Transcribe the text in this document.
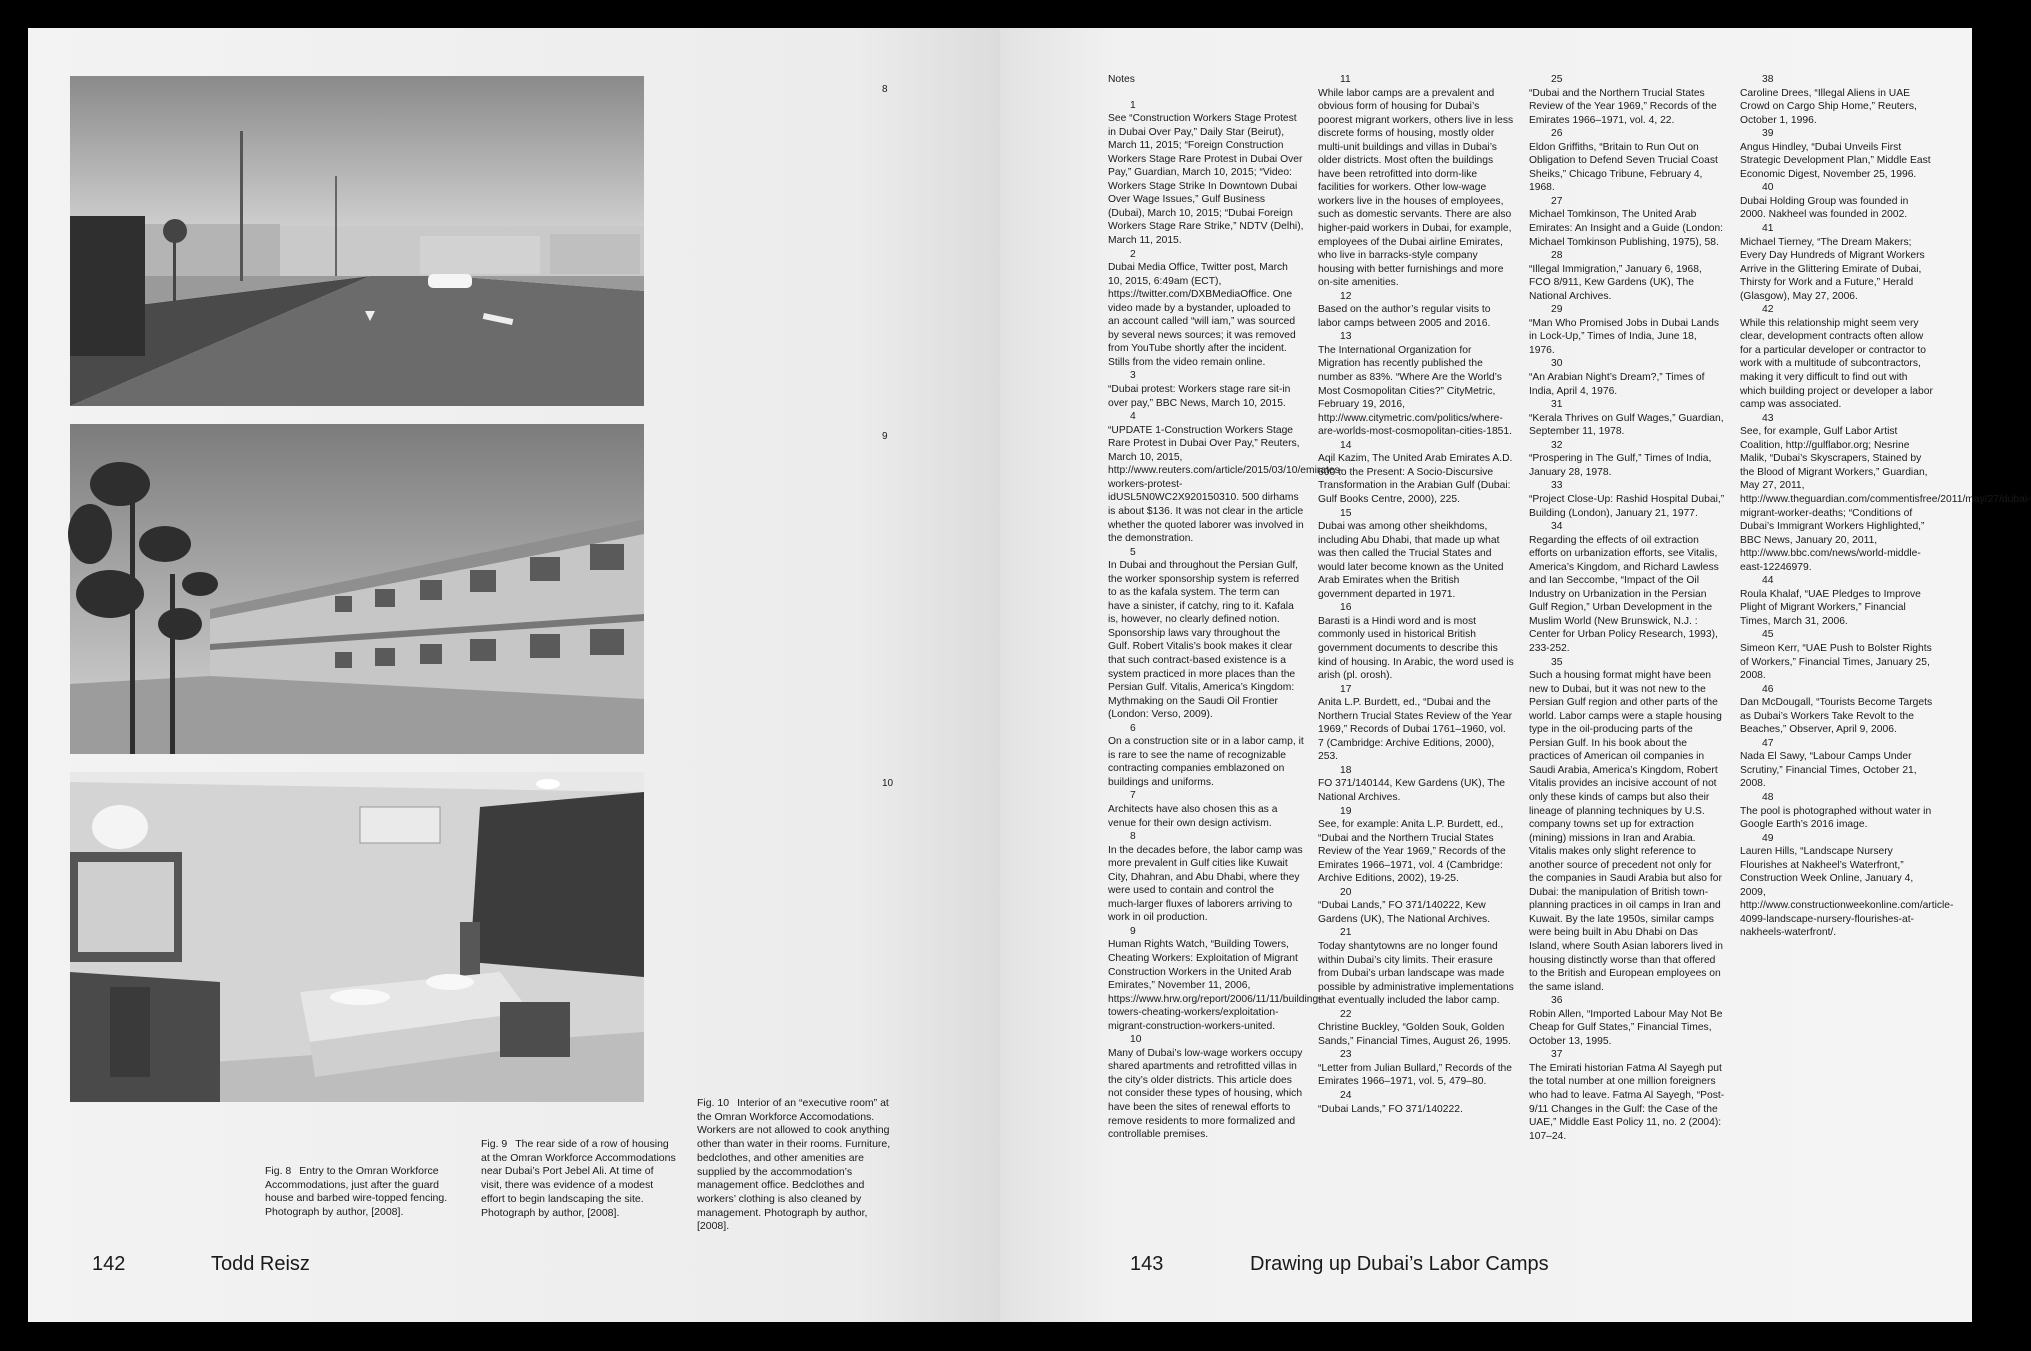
8
9
10
Fig. 8 Entry to the Omran Workforce Accommodations, just after the guard house and barbed wire-topped fencing. Photograph by author, [2008].
Fig. 9 The rear side of a row of housing at the Omran Workforce Accommodations near Dubai’s Port Jebel Ali. At time of visit, there was evidence of a modest effort to begin landscaping the site. Photograph by author, [2008].
Fig. 10 Interior of an “executive room” at the Omran Workforce Accomodations. Workers are not allowed to cook anything other than water in their rooms. Furniture, bedclothes, and other amenities are supplied by the accommodation’s management office. Bedclothes and workers’ clothing is also cleaned by management. Photograph by author, [2008].
142	Todd Reisz

Notes

1

See “Construction Workers Stage Protest in Dubai Over Pay,” Daily Star (Beirut), March 11, 2015; “Foreign Construction Workers Stage Rare Protest in Dubai Over Pay,” Guardian, March 10, 2015; “Video: Workers Stage Strike In Downtown Dubai Over Wage Issues,” Gulf Business (Dubai), March 10, 2015; “Dubai Foreign Workers Stage Rare Strike,” NDTV (Delhi), March 11, 2015.

2

Dubai Media Office, Twitter post, March 10, 2015, 6:49am (ECT), https://twitter.com/DXBMediaOffice. One video made by a bystander, uploaded to an account called “will iam,” was sourced by several news sources; it was removed from YouTube shortly after the incident. Stills from the video remain online.

3

“Dubai protest: Workers stage rare sit-in over pay,” BBC News, March 10, 2015.

4

“UPDATE 1-Construction Workers Stage Rare Protest in Dubai Over Pay,” Reuters, March 10, 2015, http://www.reuters.com/article/2015/03/10/emirates-workers-protest-idUSL5N0WC2X920150310. 500 dirhams is about $136. It was not clear in the article whether the quoted laborer was involved in the demonstration.

5

In Dubai and throughout the Persian Gulf, the worker sponsorship system is referred to as the kafala system. The term can have a sinister, if catchy, ring to it. Kafala is, however, no clearly defined notion. Sponsorship laws vary throughout the Gulf. Robert Vitalis’s book makes it clear that such contract-based existence is a system practiced in more places than the Persian Gulf. Vitalis, America’s Kingdom: Mythmaking on the Saudi Oil Frontier (London: Verso, 2009).

6

On a construction site or in a labor camp, it is rare to see the name of recognizable contracting companies emblazoned on buildings and uniforms.

7

Architects have also chosen this as a venue for their own design activism.

8

In the decades before, the labor camp was more prevalent in Gulf cities like Kuwait City, Dhahran, and Abu Dhabi, where they were used to contain and control the much-larger fluxes of laborers arriving to work in oil production.

9

Human Rights Watch, “Building Towers, Cheating Workers: Exploitation of Migrant Construction Workers in the United Arab Emirates,” November 11, 2006, https://www.hrw.org/report/2006/11/11/building-towers-cheating-workers/exploitation-migrant-construction-workers-united.

10

Many of Dubai’s low-wage workers occupy shared apartments and retrofitted villas in the city’s older districts. This article does not consider these types of housing, which have been the sites of renewal efforts to remove residents to more formalized and controllable premises.

11

While labor camps are a prevalent and obvious form of housing for Dubai’s poorest migrant workers, others live in less discrete forms of housing, mostly older multi-unit buildings and villas in Dubai’s older districts. Most often the buildings have been retrofitted into dorm-like facilities for workers. Other low-wage workers live in the houses of employees, such as domestic servants. There are also higher-paid workers in Dubai, for example, employees of the Dubai airline Emirates, who live in barracks-style company housing with better furnishings and more on-site amenities.

12

Based on the author’s regular visits to labor camps between 2005 and 2016.

13

The International Organization for Migration has recently published the number as 83%. “Where Are the World’s Most Cosmopolitan Cities?” CityMetric, February 19, 2016, http://www.citymetric.com/politics/where-are-worlds-most-cosmopolitan-cities-1851.

14

Aqil Kazim, The United Arab Emirates A.D. 600 to the Present: A Socio-Discursive Transformation in the Arabian Gulf (Dubai: Gulf Books Centre, 2000), 225.

15

Dubai was among other sheikhdoms, including Abu Dhabi, that made up what was then called the Trucial States and would later become known as the United Arab Emirates when the British government departed in 1971.

16

Barasti is a Hindi word and is most commonly used in historical British government documents to describe this kind of housing. In Arabic, the word used is arish (pl. orosh).

17

Anita L.P. Burdett, ed., “Dubai and the Northern Trucial States Review of the Year 1969,” Records of Dubai 1761–1960, vol. 7 (Cambridge: Archive Editions, 2000), 253.

18

FO 371/140144, Kew Gardens (UK), The National Archives.

19

See, for example: Anita L.P. Burdett, ed., “Dubai and the Northern Trucial States Review of the Year 1969,” Records of the Emirates 1966–1971, vol. 4 (Cambridge: Archive Editions, 2002), 19-25.

20

“Dubai Lands,” FO 371/140222, Kew Gardens (UK), The National Archives.

21

Today shantytowns are no longer found within Dubai’s city limits. Their erasure from Dubai’s urban landscape was made possible by administrative implementations that eventually included the labor camp.

22

Christine Buckley, “Golden Souk, Golden Sands,” Financial Times, August 26, 1995.

23

“Letter from Julian Bullard,” Records of the Emirates 1966–1971, vol. 5, 479–80.

24

“Dubai Lands,” FO 371/140222.

25

“Dubai and the Northern Trucial States Review of the Year 1969,” Records of the Emirates 1966–1971, vol. 4, 22.

26

Eldon Griffiths, “Britain to Run Out on Obligation to Defend Seven Trucial Coast Sheiks,” Chicago Tribune, February 4, 1968.

27

Michael Tomkinson, The United Arab Emirates: An Insight and a Guide (London: Michael Tomkinson Publishing, 1975), 58.

28

“Illegal Immigration,” January 6, 1968, FCO 8/911, Kew Gardens (UK), The National Archives.

29

“Man Who Promised Jobs in Dubai Lands in Lock-Up,” Times of India, June 18, 1976.

30

“An Arabian Night’s Dream?,” Times of India, April 4, 1976.

31

“Kerala Thrives on Gulf Wages,” Guardian, September 11, 1978.

32

“Prospering in The Gulf,” Times of India, January 28, 1978.

33

“Project Close-Up: Rashid Hospital Dubai,” Building (London), January 21, 1977.

34

Regarding the effects of oil extraction efforts on urbanization efforts, see Vitalis, America’s Kingdom, and Richard Lawless and Ian Seccombe, “Impact of the Oil Industry on Urbanization in the Persian Gulf Region,” Urban Development in the Muslim World (New Brunswick, N.J. : Center for Urban Policy Research, 1993), 233-252.

35

Such a housing format might have been new to Dubai, but it was not new to the Persian Gulf region and other parts of the world. Labor camps were a staple housing type in the oil-producing parts of the Persian Gulf. In his book about the practices of American oil companies in Saudi Arabia, America’s Kingdom, Robert Vitalis provides an incisive account of not only these kinds of camps but also their lineage of planning techniques by U.S. company towns set up for extraction (mining) missions in Iran and Arabia. Vitalis makes only slight reference to another source of precedent not only for the companies in Saudi Arabia but also for Dubai: the manipulation of British town-planning practices in oil camps in Iran and Kuwait. By the late 1950s, similar camps were being built in Abu Dhabi on Das Island, where South Asian laborers lived in housing distinctly worse than that offered to the British and European employees on the same island.

36

Robin Allen, “Imported Labour May Not Be Cheap for Gulf States,” Financial Times, October 13, 1995.

37

The Emirati historian Fatma Al Sayegh put the total number at one million foreigners who had to leave. Fatma Al Sayegh, “Post-9/11 Changes in the Gulf: the Case of the UAE,” Middle East Policy 11, no. 2 (2004): 107–24.

38

Caroline Drees, “Illegal Aliens in UAE Crowd on Cargo Ship Home,” Reuters, October 1, 1996.

39

Angus Hindley, “Dubai Unveils First Strategic Development Plan,” Middle East Economic Digest, November 25, 1996.

40

Dubai Holding Group was founded in 2000. Nakheel was founded in 2002.

41

Michael Tierney, “The Dream Makers; Every Day Hundreds of Migrant Workers Arrive in the Glittering Emirate of Dubai, Thirsty for Work and a Future,” Herald (Glasgow), May 27, 2006.

42

While this relationship might seem very clear, development contracts often allow for a particular developer or contractor to work with a multitude of subcontractors, making it very difficult to find out with which building project or developer a labor camp was associated.

43

See, for example, Gulf Labor Artist Coalition, http://gulflabor.org; Nesrine Malik, “Dubai’s Skyscrapers, Stained by the Blood of Migrant Workers,” Guardian, May 27, 2011, http://www.theguardian.com/commentisfree/2011/may/27/dubai-migrant-worker-deaths; “Conditions of Dubai’s Immigrant Workers Highlighted,” BBC News, January 20, 2011, http://www.bbc.com/news/world-middle-east-12246979.

44

Roula Khalaf, “UAE Pledges to Improve Plight of Migrant Workers,” Financial Times, March 31, 2006.

45

Simeon Kerr, “UAE Push to Bolster Rights of Workers,” Financial Times, January 25, 2008.

46

Dan McDougall, “Tourists Become Targets as Dubai’s Workers Take Revolt to the Beaches,” Observer, April 9, 2006.

47

Nada El Sawy, “Labour Camps Under Scrutiny,” Financial Times, October 21, 2008.

48

The pool is photographed without water in Google Earth’s 2016 image.

49

Lauren Hills, “Landscape Nursery Flourishes at Nakheel’s Waterfront,” Construction Week Online, January 4, 2009, http://www.constructionweekonline.com/article-4099-landscape-nursery-flourishes-at-nakheels-waterfront/.

143	Drawing up Dubai’s Labor Camps
